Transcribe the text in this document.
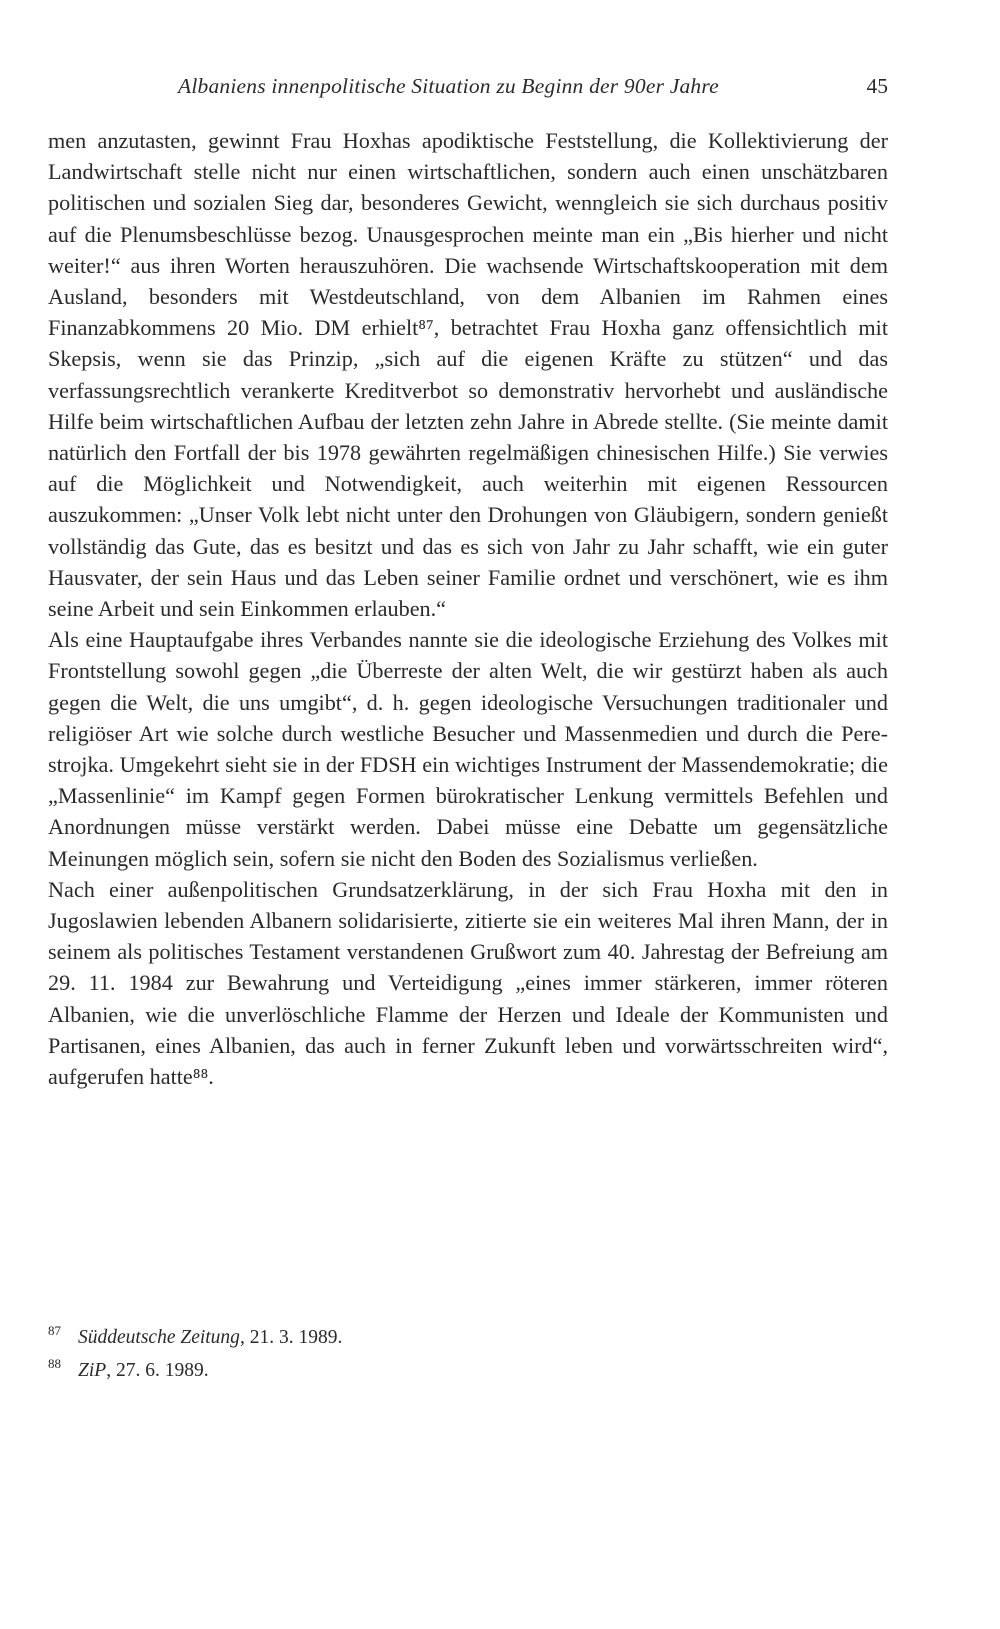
Albaniens innenpolitische Situation zu Beginn der 90er Jahre	45

men anzutasten, gewinnt Frau Hoxhas apodiktische Feststellung, die Kollektivierung der Landwirtschaft stelle nicht nur einen wirtschaftlichen, sondern auch einen unschätzbaren politischen und sozialen Sieg dar, besonderes Gewicht, wenngleich sie sich durchaus positiv auf die Plenumsbeschlüsse bezog. Unausgesprochen meinte man ein „Bis hierher und nicht weiter!“ aus ihren Worten herauszuhören. Die wachsende Wirtschaftskooperation mit dem Ausland, besonders mit Westdeutschland, von dem Albanien im Rahmen eines Finanzabkommens 20 Mio. DM erhielt⁸⁷, betrachtet Frau Hoxha ganz offensichtlich mit Skepsis, wenn sie das Prinzip, „sich auf die eigenen Kräfte zu stützen“ und das verfassungsrechtlich verankerte Kreditverbot so demonstrativ hervorhebt und ausländische Hilfe beim wirtschaftlichen Aufbau der letzten zehn Jahre in Abrede stellte. (Sie meinte damit natürlich den Fortfall der bis 1978 gewährten regelmäßigen chinesischen Hilfe.) Sie verwies auf die Möglichkeit und Notwendigkeit, auch weiterhin mit eigenen Ressourcen auszukommen: „Unser Volk lebt nicht unter den Drohungen von Gläubigern, sondern genießt vollständig das Gute, das es besitzt und das es sich von Jahr zu Jahr schafft, wie ein guter Hausvater, der sein Haus und das Leben seiner Familie ordnet und verschönert, wie es ihm seine Arbeit und sein Einkommen erlauben.“

Als eine Hauptaufgabe ihres Verbandes nannte sie die ideologische Erziehung des Volkes mit Frontstellung sowohl gegen „die Überreste der alten Welt, die wir gestürzt haben als auch gegen die Welt, die uns umgibt“, d. h. gegen ideologische Versuchungen traditionaler und religiöser Art wie solche durch westliche Besucher und Massenmedien und durch die Perestrojka. Umgekehrt sieht sie in der FDSH ein wichtiges Instrument der Massendemokratie; die „Massenlinie“ im Kampf gegen Formen bürokratischer Lenkung vermittels Befehlen und Anordnungen müsse verstärkt werden. Dabei müsse eine Debatte um gegensätzliche Meinungen möglich sein, sofern sie nicht den Boden des Sozialismus verließen.

Nach einer außenpolitischen Grundsatzerklärung, in der sich Frau Hoxha mit den in Jugoslawien lebenden Albanern solidarisierte, zitierte sie ein weiteres Mal ihren Mann, der in seinem als politisches Testament verstandenen Grußwort zum 40. Jahrestag der Befreiung am 29. 11. 1984 zur Bewahrung und Verteidigung „eines immer stärkeren, immer röteren Albanien, wie die unverlöschliche Flamme der Herzen und Ideale der Kommunisten und Partisanen, eines Albanien, das auch in ferner Zukunft leben und vorwärtsschreiten wird“, aufgerufen hatte⁸⁸.

87 Süddeutsche Zeitung , 21. 3. 1989.
88 ZiP , 27. 6. 1989.
